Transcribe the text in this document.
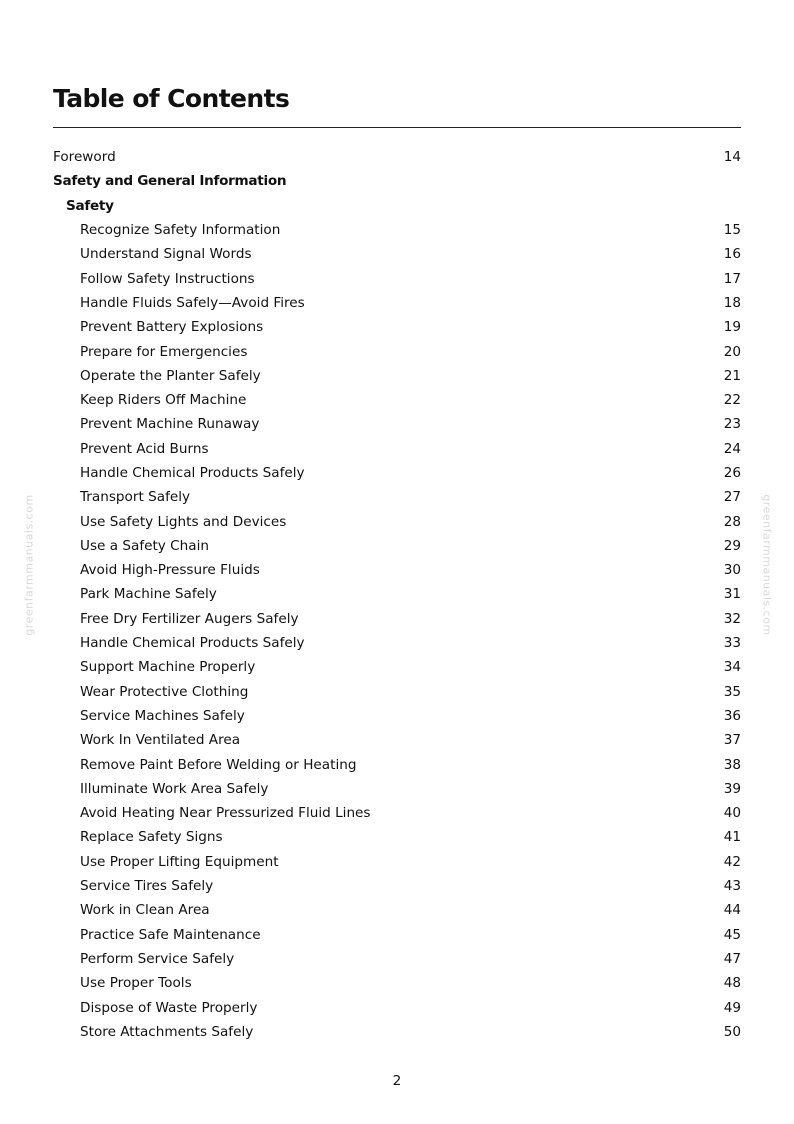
Table of Contents
Foreword	14
Safety and General Information
Safety
Recognize Safety Information	15
Understand Signal Words	16
Follow Safety Instructions	17
Handle Fluids Safely—Avoid Fires	18
Prevent Battery Explosions	19
Prepare for Emergencies	20
Operate the Planter Safely	21
Keep Riders Off Machine	22
Prevent Machine Runaway	23
Prevent Acid Burns	24
Handle Chemical Products Safely	26
Transport Safely	27
Use Safety Lights and Devices	28
Use a Safety Chain	29
Avoid High-Pressure Fluids	30
Park Machine Safely	31
Free Dry Fertilizer Augers Safely	32
Handle Chemical Products Safely	33
Support Machine Properly	34
Wear Protective Clothing	35
Service Machines Safely	36
Work In Ventilated Area	37
Remove Paint Before Welding or Heating	38
Illuminate Work Area Safely	39
Avoid Heating Near Pressurized Fluid Lines	40
Replace Safety Signs	41
Use Proper Lifting Equipment	42
Service Tires Safely	43
Work in Clean Area	44
Practice Safe Maintenance	45
Perform Service Safely	47
Use Proper Tools	48
Dispose of Waste Properly	49
Store Attachments Safely	50
2
greenfarmmanuals.com	greenfarmmanuals.com
